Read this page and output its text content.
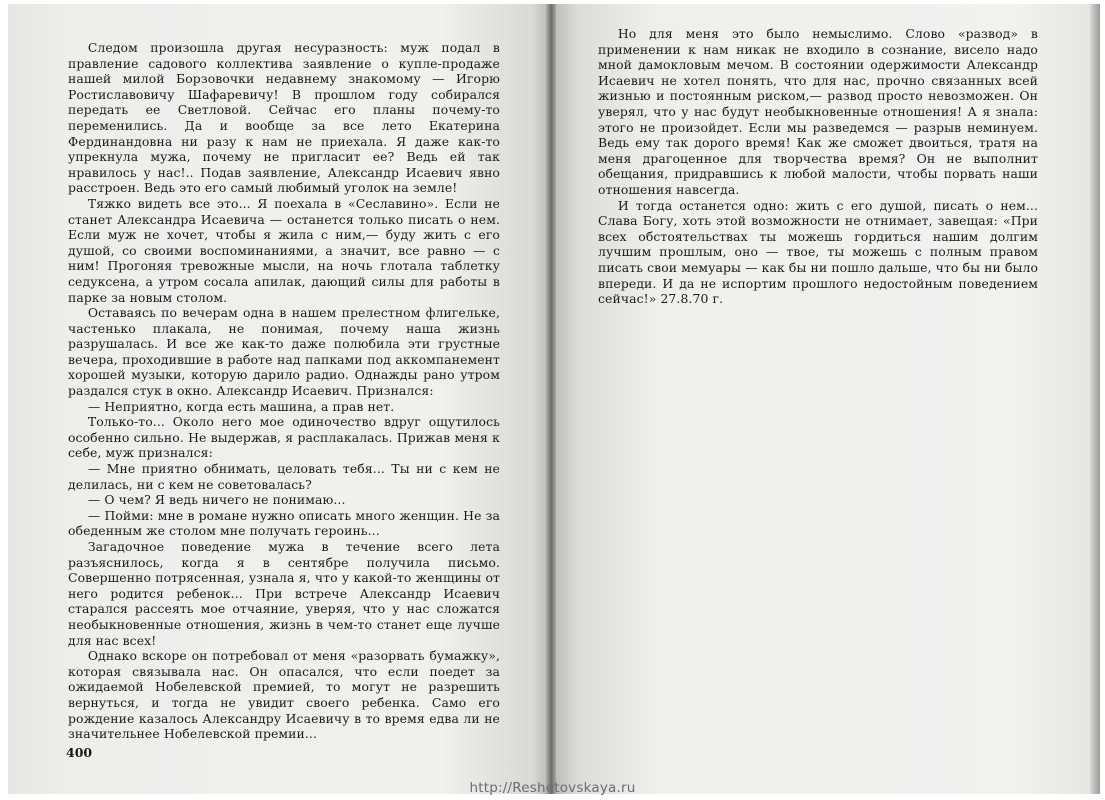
Следом произошла другая несуразность: муж подал в правление садового коллектива заявление о купле-продаже нашей милой Борзовочки недавнему знакомому — Игорю Ростиславовичу Шафаревичу! В прошлом году собирался передать ее Светловой. Сейчас его планы почему-то переменились. Да и вообще за все лето Екатерина Фердинандовна ни разу к нам не приехала. Я даже как-то упрекнула мужа, почему не пригласит ее? Ведь ей так нравилось у нас!.. Подав заявление, Александр Исаевич явно расстроен. Ведь это его самый любимый уголок на земле!

Тяжко видеть все это... Я поехала в «Сеславино». Если не станет Александра Исаевича — останется только писать о нем. Если муж не хочет, чтобы я жила с ним,— буду жить с его душой, со своими воспоминаниями, а значит, все равно — с ним! Прогоняя тревожные мысли, на ночь глотала таблетку седуксена, а утром сосала апилак, дающий силы для работы в парке за новым столом.

Оставаясь по вечерам одна в нашем прелестном флигельке, частенько плакала, не понимая, почему наша жизнь разрушалась. И все же как-то даже полюбила эти грустные вечера, проходившие в работе над папками под аккомпанемент хорошей музыки, которую дарило радио. Однажды рано утром раздался стук в окно. Александр Исаевич. Признался:

— Неприятно, когда есть машина, а прав нет.

Только-то... Около него мое одиночество вдруг ощутилось особенно сильно. Не выдержав, я расплакалась. Прижав меня к себе, муж признался:

— Мне приятно обнимать, целовать тебя... Ты ни с кем не делилась, ни с кем не советовалась?

— О чем? Я ведь ничего не понимаю...

— Пойми: мне в романе нужно описать много женщин. Не за обеденным же столом мне получать героинь...

Загадочное поведение мужа в течение всего лета разъяснилось, когда я в сентябре получила письмо. Совершенно потрясенная, узнала я, что у какой-то женщины от него родится ребенок... При встрече Александр Исаевич старался рассеять мое отчаяние, уверяя, что у нас сложатся необыкновенные отношения, жизнь в чем-то станет еще лучше для нас всех!

Однако вскоре он потребовал от меня «разорвать бумажку», которая связывала нас. Он опасался, что если поедет за ожидаемой Нобелевской премией, то могут не разрешить вернуться, и тогда не увидит своего ребенка. Само его рождение казалось Александру Исаевичу в то время едва ли не значительнее Нобелевской премии...

400

Но для меня это было немыслимо. Слово «развод» в применении к нам никак не входило в сознание, висело надо мной дамокловым мечом. В состоянии одержимости Александр Исаевич не хотел понять, что для нас, прочно связанных всей жизнью и постоянным риском,— развод просто невозможен. Он уверял, что у нас будут необыкновенные отношения! А я знала: этого не произойдет. Если мы разведемся — разрыв неминуем. Ведь ему так дорого время! Как же сможет двоиться, тратя на меня драгоценное для творчества время? Он не выполнит обещания, придравшись к любой малости, чтобы порвать наши отношения навсегда.

И тогда останется одно: жить с его душой, писать о нем... Слава Богу, хоть этой возможности не отнимает, завещая: «При всех обстоятельствах ты можешь гордиться нашим долгим лучшим прошлым, оно — твое, ты можешь с полным правом писать свои мемуары — как бы ни пошло дальше, что бы ни было впереди. И да не испортим прошлого недостойным поведением сейчас!» 27.8.70 г.

http://Reshetovskaya.ru
